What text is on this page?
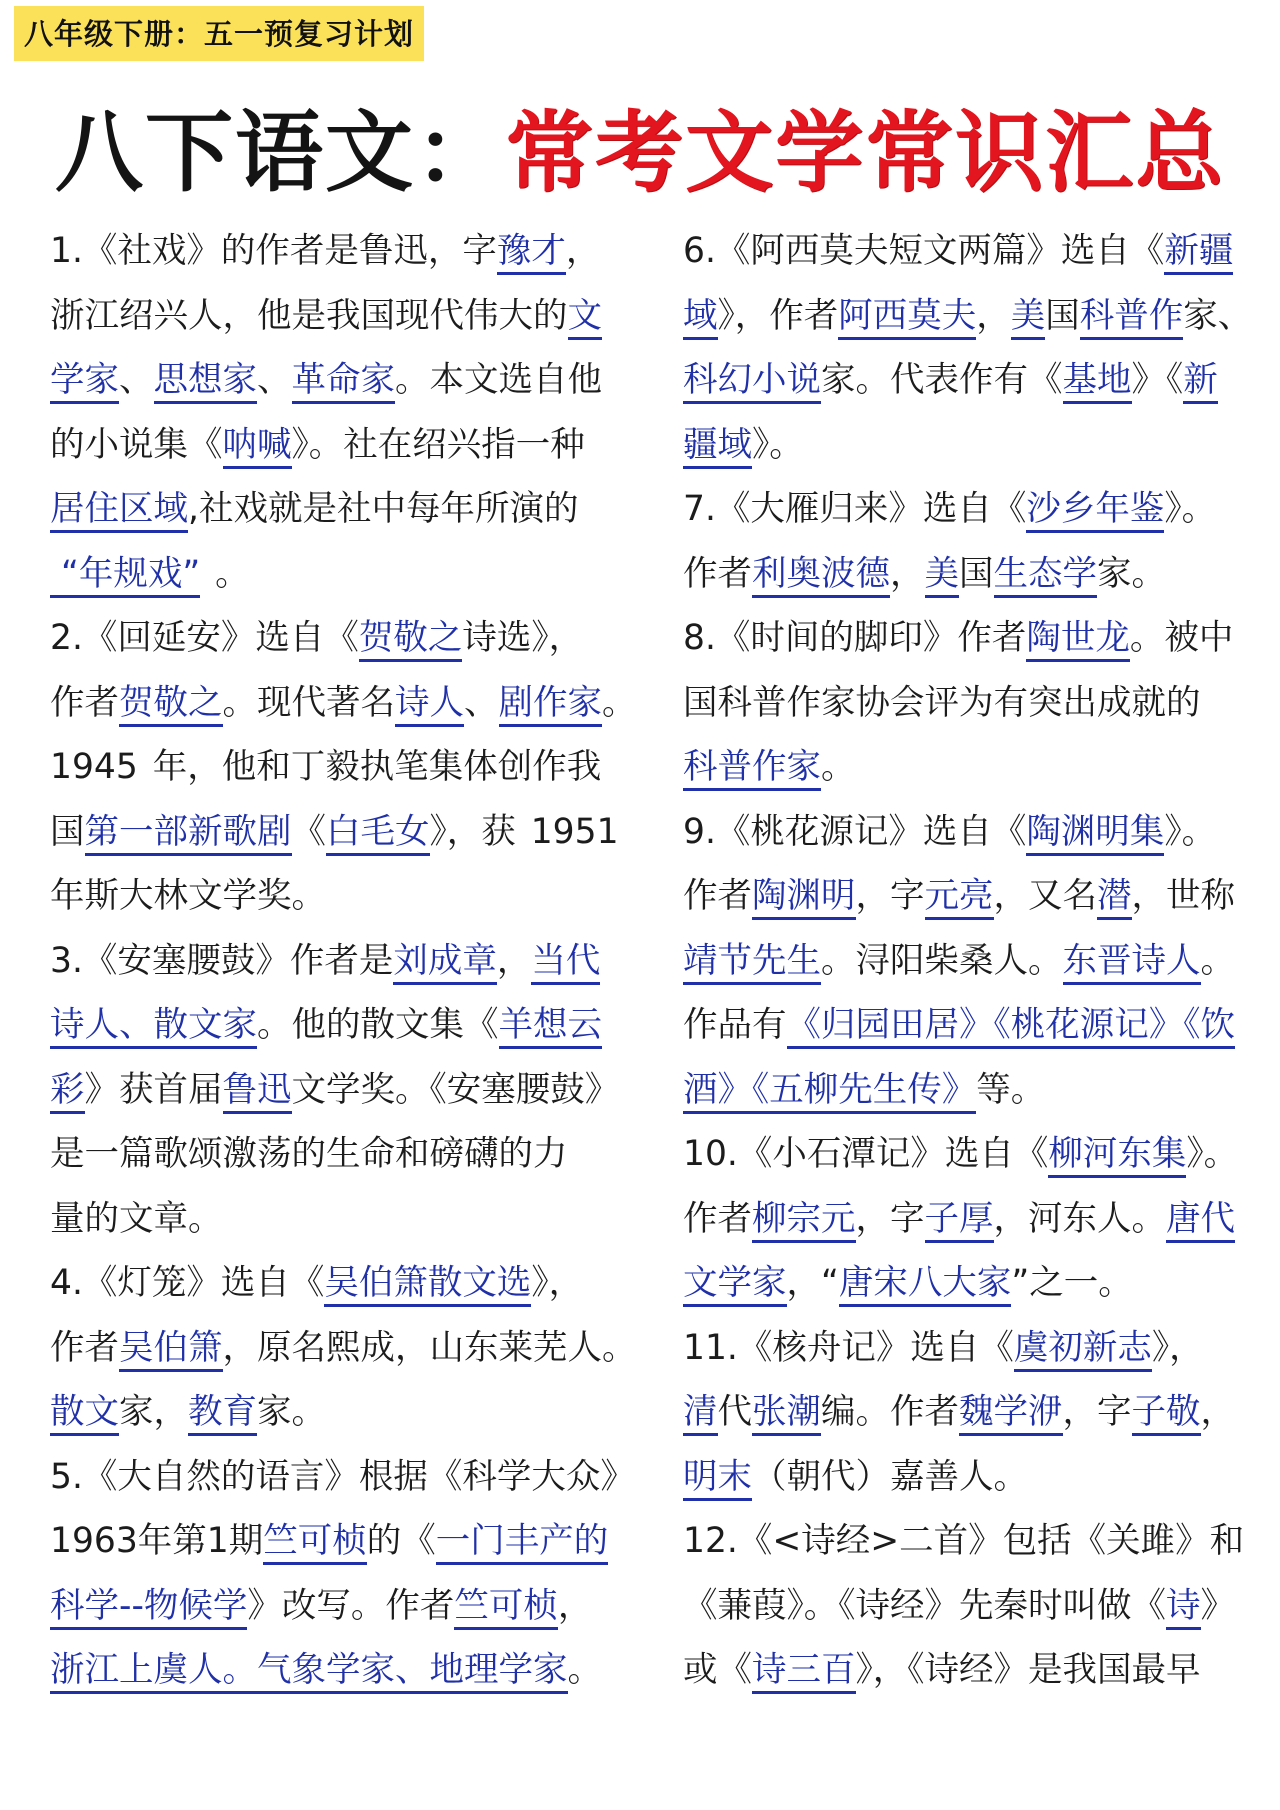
八年级下册：五一预复习计划
八下语文：常考文学常识汇总
1.《社戏》的作者是鲁迅，字豫才，
浙江绍兴人，他是我国现代伟大的文
学家、思想家、革命家。本文选自他
的小说集《呐喊》。社在绍兴指一种
居住区域,社戏就是社中每年所演的
“年规戏” 。
2.《回延安》选自《贺敬之诗选》，
作者贺敬之。现代著名诗人、剧作家。
1945 年，他和丁毅执笔集体创作我
国第一部新歌剧《白毛女》，获 1951
年斯大林文学奖。
3.《安塞腰鼓》作者是刘成章，当代
诗人、散文家。他的散文集《羊想云
彩》获首届鲁迅文学奖。《安塞腰鼓》
是一篇歌颂激荡的生命和磅礴的力
量的文章。
4.《灯笼》选自《吴伯箫散文选》，
作者吴伯箫，原名熙成，山东莱芜人。
散文家，教育家。
5.《大自然的语言》根据《科学大众》
1963年第1期竺可桢的《一门丰产的
科学--物候学》改写。作者竺可桢，
浙江上虞人。气象学家、地理学家。
6.《阿西莫夫短文两篇》选自《新疆
域》，作者阿西莫夫，美国科普作家、
科幻小说家。代表作有《基地》《新
疆域》。
7.《大雁归来》选自《沙乡年鉴》。
作者利奥波德，美国生态学家。
8.《时间的脚印》作者陶世龙。被中
国科普作家协会评为有突出成就的
科普作家。
9.《桃花源记》选自《陶渊明集》。
作者陶渊明，字元亮，又名潜，世称
靖节先生。浔阳柴桑人。东晋诗人。
作品有《归园田居》《桃花源记》《饮
酒》《五柳先生传》等。
10.《小石潭记》选自《柳河东集》。
作者柳宗元，字子厚，河东人。唐代
文学家，“唐宋八大家”之一。
11.《核舟记》选自《虞初新志》，
清代张潮编。作者魏学洢，字子敬，
明末（朝代）嘉善人。
12.《<诗经>二首》包括《关雎》和
《蒹葭》。《诗经》先秦时叫做《诗》
或《诗三百》，《诗经》是我国最早
